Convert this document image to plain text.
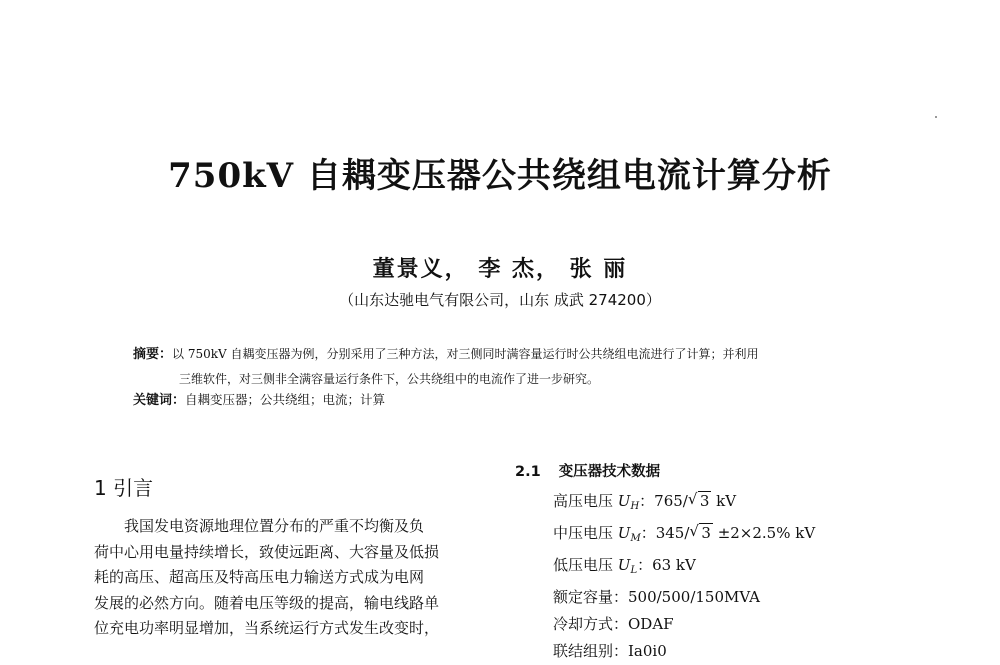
750kV 自耦变压器公共绕组电流计算分析
董景义， 李 杰， 张 丽
（山东达驰电气有限公司，山东 成武 274200）
摘要：以 750kV 自耦变压器为例，分别采用了三种方法，对三侧同时满容量运行时公共绕组电流进行了计算；并利用
三维软件，对三侧非全满容量运行条件下，公共绕组中的电流作了进一步研究。
关键词：自耦变压器；公共绕组；电流；计算
1 引言
我国发电资源地理位置分布的严重不均衡及负
荷中心用电量持续增长，致使远距离、大容量及低损
耗的高压、超高压及特高压电力输送方式成为电网
发展的必然方向。随着电压等级的提高，输电线路单
位充电功率明显增加，当系统运行方式发生改变时，
2.1 变压器技术数据
高压电压 $U_H$：765/ √ 3 kV
中压电压 $U_M$：345/ √ 3 ±2×2.5% kV
低压电压 $U_L$：63 kV
额定容量：500/500/150MVA
冷却方式：ODAF
联结组别：Ia0i0
